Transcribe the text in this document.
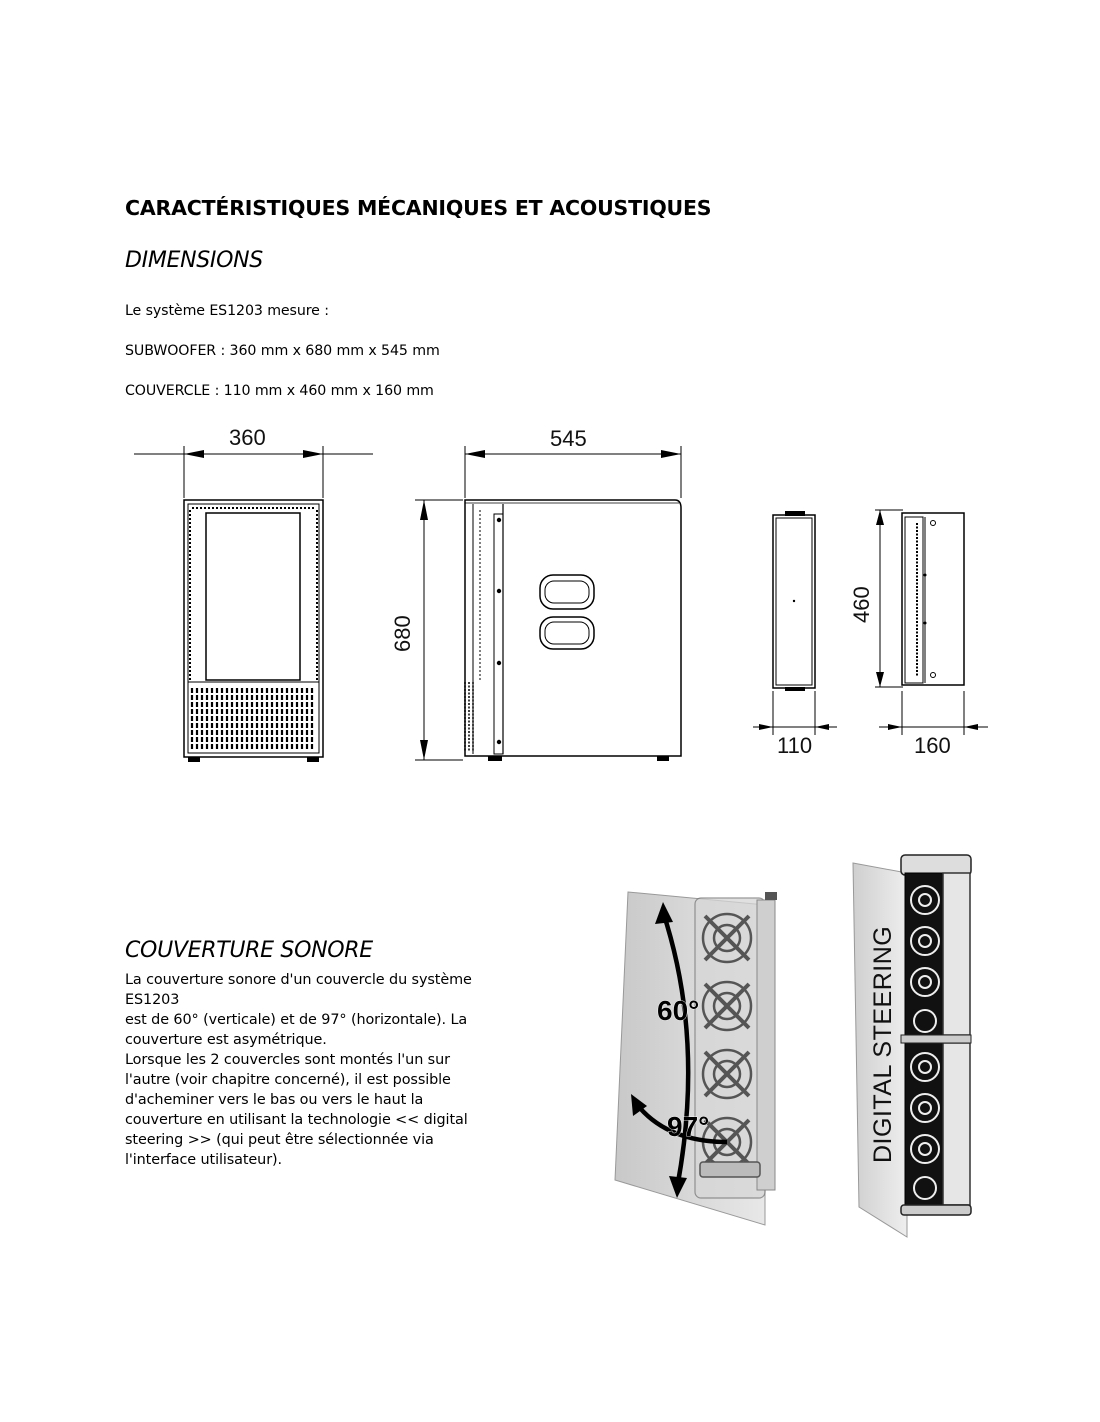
CARACTÉRISTIQUES MÉCANIQUES ET ACOUSTIQUES
DIMENSIONS

Le système ES1203 mesure :

SUBWOOFER : 360 mm x 680 mm x 545 mm

COUVERCLE : 110 mm x 460 mm x 160 mm

360	545
680
110
460
160
COUVERTURE SONORE
La couverture sonore d'un couvercle du système
ES1203
est de 60° (verticale) et de 97° (horizontale). La
couverture est asymétrique.
Lorsque les 2 couvercles sont montés l'un sur
l'autre (voir chapitre concerné), il est possible
d'acheminer vers le bas ou vers le haut la
couverture en utilisant la technologie << digital
steering >> (qui peut être sélectionnée via
l'interface utilisateur).
60°
97°	DIGITAL STEERING
